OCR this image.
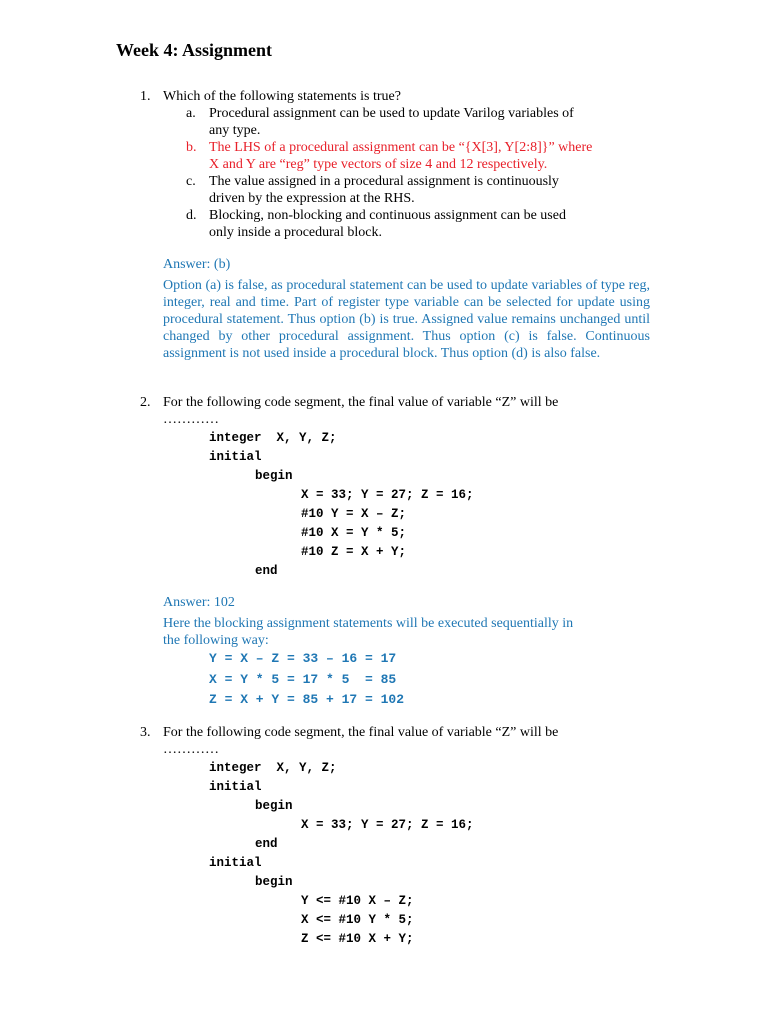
Week 4: Assignment
1. Which of the following statements is true?
a. Procedural assignment can be used to update Varilog variables of
any type.
b. The LHS of a procedural assignment can be “{X[3], Y[2:8]}” where
X and Y are “reg” type vectors of size 4 and 12 respectively.
c. The value assigned in a procedural assignment is continuously
driven by the expression at the RHS.
d. Blocking, non-blocking and continuous assignment can be used
only inside a procedural block.
Answer: (b)
Option (a) is false, as procedural statement can be used to update variables of type reg, integer, real and time. Part of register type variable can be selected for update using procedural statement. Thus option (b) is true. Assigned value remains unchanged until changed by other procedural assignment. Thus option (c) is false. Continuous assignment is not used inside a procedural block. Thus option (d) is also false.
2. For the following code segment, the final value of variable “Z” will be
…………
integer  X, Y, Z;
initial
begin
X = 33; Y = 27; Z = 16;
#10 Y = X – Z;
#10 X = Y * 5;
#10 Z = X + Y;
end
Answer: 102
Here the blocking assignment statements will be executed sequentially in
the following way:
Y = X – Z = 33 – 16 = 17
X = Y * 5 = 17 * 5  = 85
Z = X + Y = 85 + 17 = 102
3. For the following code segment, the final value of variable “Z” will be
…………
integer  X, Y, Z;
initial
begin
X = 33; Y = 27; Z = 16;
end
initial
begin
Y <= #10 X – Z;
X <= #10 Y * 5;
Z <= #10 X + Y;
